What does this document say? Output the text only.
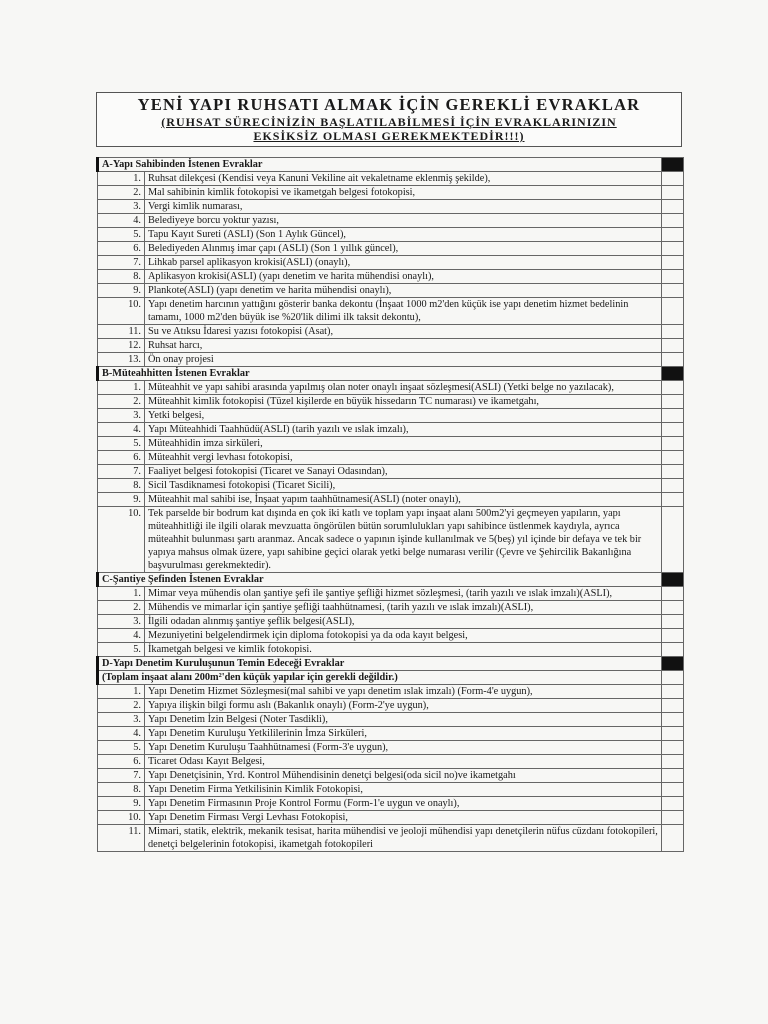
YENİ YAPI RUHSATI ALMAK İÇİN GEREKLİ EVRAKLAR
(RUHSAT SÜRECİNİZİN BAŞLATILABİLMESİ İÇİN EVRAKLARINIZIN
EKSİKSİZ OLMASI GEREKMEKTEDİR!!!)
A-Yapı Sahibinden İstenen Evraklar		
1.	Ruhsat dilekçesi (Kendisi veya Kanuni Vekiline ait vekaletname eklenmiş şekilde),	
2.	Mal sahibinin kimlik fotokopisi ve ikametgah belgesi fotokopisi,	
3.	Vergi kimlik numarası,	
4.	Belediyeye borcu yoktur yazısı,	
5.	Tapu Kayıt Sureti (ASLI) (Son 1 Aylık Güncel),	
6.	Belediyeden Alınmış imar çapı (ASLI) (Son 1 yıllık güncel),	
7.	Lihkab parsel aplikasyon krokisi(ASLI) (onaylı),	
8.	Aplikasyon krokisi(ASLI) (yapı denetim ve harita mühendisi onaylı),	
9.	Plankote(ASLI) (yapı denetim ve harita mühendisi onaylı),	
10.	Yapı denetim harcının yattığını gösterir banka dekontu (İnşaat 1000 m2'den küçük ise yapı denetim hizmet bedelinin tamamı, 1000 m2'den büyük ise %20'lik dilimi ilk taksit dekontu),	
11.	Su ve Atıksu İdaresi yazısı fotokopisi (Asat),	
12.	Ruhsat harcı,	
13.	Ön onay projesi	
B-Müteahhitten İstenen Evraklar		
1.	Müteahhit ve yapı sahibi arasında yapılmış olan noter onaylı inşaat sözleşmesi(ASLI) (Yetki belge no yazılacak),	
2.	Müteahhit kimlik fotokopisi (Tüzel kişilerde en büyük hissedarın TC numarası) ve ikametgahı,	
3.	Yetki belgesi,	
4.	Yapı Müteahhidi Taahhüdü(ASLI) (tarih yazılı ve ıslak imzalı),	
5.	Müteahhidin imza sirküleri,	
6.	Müteahhit vergi levhası fotokopisi,	
7.	Faaliyet belgesi fotokopisi (Ticaret ve Sanayi Odasından),	
8.	Sicil Tasdiknamesi fotokopisi (Ticaret Sicili),	
9.	Müteahhit mal sahibi ise, İnşaat yapım taahhütnamesi(ASLI) (noter onaylı),	
10.	Tek parselde bir bodrum kat dışında en çok iki katlı ve toplam yapı inşaat alanı 500m2'yi geçmeyen yapıların, yapı müteahhitliği ile ilgili olarak mevzuatta öngörülen bütün sorumlulukları yapı sahibince üstlenmek kaydıyla, ayrıca müteahhit bulunması şartı aranmaz. Ancak sadece o yapının işinde kullanılmak ve 5(beş) yıl içinde bir defaya ve tek bir yapıya mahsus olmak üzere, yapı sahibine geçici olarak yetki belge numarası verilir (Çevre ve Şehircilik Bakanlığına başvurulması gerekmektedir).	
C-Şantiye Şefinden İstenen Evraklar		
1.	Mimar veya mühendis olan şantiye şefi ile şantiye şefliği hizmet sözleşmesi, (tarih yazılı ve ıslak imzalı)(ASLI),	
2.	Mühendis ve mimarlar için şantiye şefliği taahhütnamesi, (tarih yazılı ve ıslak imzalı)(ASLI),	
3.	İlgili odadan alınmış şantiye şeflik belgesi(ASLI),	
4.	Mezuniyetini belgelendirmek için diploma fotokopisi ya da oda kayıt belgesi,	
5.	İkametgah belgesi ve kimlik fotokopisi.	
D-Yapı Denetim Kuruluşunun Temin Edeceği Evraklar		
(Toplam inşaat alanı 200m²'den küçük yapılar için gerekli değildir.)		
1.	Yapı Denetim Hizmet Sözleşmesi(mal sahibi ve yapı denetim ıslak imzalı) (Form-4'e uygun),	
2.	Yapıya ilişkin bilgi formu aslı (Bakanlık onaylı) (Form-2'ye uygun),	
3.	Yapı Denetim İzin Belgesi (Noter Tasdikli),	
4.	Yapı Denetim Kuruluşu Yetkililerinin İmza Sirküleri,	
5.	Yapı Denetim Kuruluşu Taahhütnamesi (Form-3'e uygun),	
6.	Ticaret Odası Kayıt Belgesi,	
7.	Yapı Denetçisinin, Yrd. Kontrol Mühendisinin denetçi belgesi(oda sicil no)ve ikametgahı	
8.	Yapı Denetim Firma Yetkilisinin Kimlik Fotokopisi,	
9.	Yapı Denetim Firmasının Proje Kontrol Formu (Form-1'e uygun ve onaylı),	
10.	Yapı Denetim Firması Vergi Levhası Fotokopisi,	
11.	Mimari, statik, elektrik, mekanik tesisat, harita mühendisi ve jeoloji mühendisi yapı denetçilerin nüfus cüzdanı fotokopileri, denetçi belgelerinin fotokopisi, ikametgah fotokopileri	
